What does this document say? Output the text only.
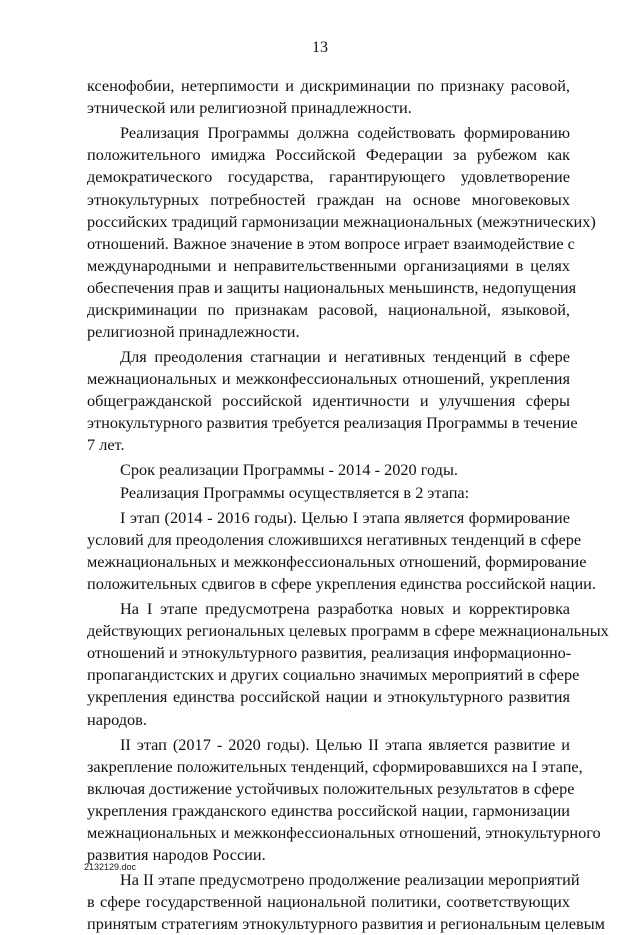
13
ксенофобии, нетерпимости и дискриминации по признаку расовой,
этнической или религиозной принадлежности.
Реализация Программы должна содействовать формированию
положительного имиджа Российской Федерации за рубежом как
демократического государства, гарантирующего удовлетворение
этнокультурных потребностей граждан на основе многовековых
российских традиций гармонизации межнациональных (межэтнических)
отношений. Важное значение в этом вопросе играет взаимодействие с
международными и неправительственными организациями в целях
обеспечения прав и защиты национальных меньшинств, недопущения
дискриминации по признакам расовой, национальной, языковой,
религиозной принадлежности.
Для преодоления стагнации и негативных тенденций в сфере
межнациональных и межконфессиональных отношений, укрепления
общегражданской российской идентичности и улучшения сферы
этнокультурного развития требуется реализация Программы в течение
7 лет.
Срок реализации Программы - 2014 - 2020 годы.
Реализация Программы осуществляется в 2 этапа:
I этап (2014 - 2016 годы). Целью I этапа является формирование
условий для преодоления сложившихся негативных тенденций в сфере
межнациональных и межконфессиональных отношений, формирование
положительных сдвигов в сфере укрепления единства российской нации.
На I этапе предусмотрена разработка новых и корректировка
действующих региональных целевых программ в сфере межнациональных
отношений и этнокультурного развития, реализация информационно-
пропагандистских и других социально значимых мероприятий в сфере
укрепления единства российской нации и этнокультурного развития
народов.
II этап (2017 - 2020 годы). Целью II этапа является развитие и
закрепление положительных тенденций, сформировавшихся на I этапе,
включая достижение устойчивых положительных результатов в сфере
укрепления гражданского единства российской нации, гармонизации
межнациональных и межконфессиональных отношений, этнокультурного
развития народов России.
На II этапе предусмотрено продолжение реализации мероприятий
в сфере государственной национальной политики, соответствующих
принятым стратегиям этнокультурного развития и региональным целевым
2132129.doc
